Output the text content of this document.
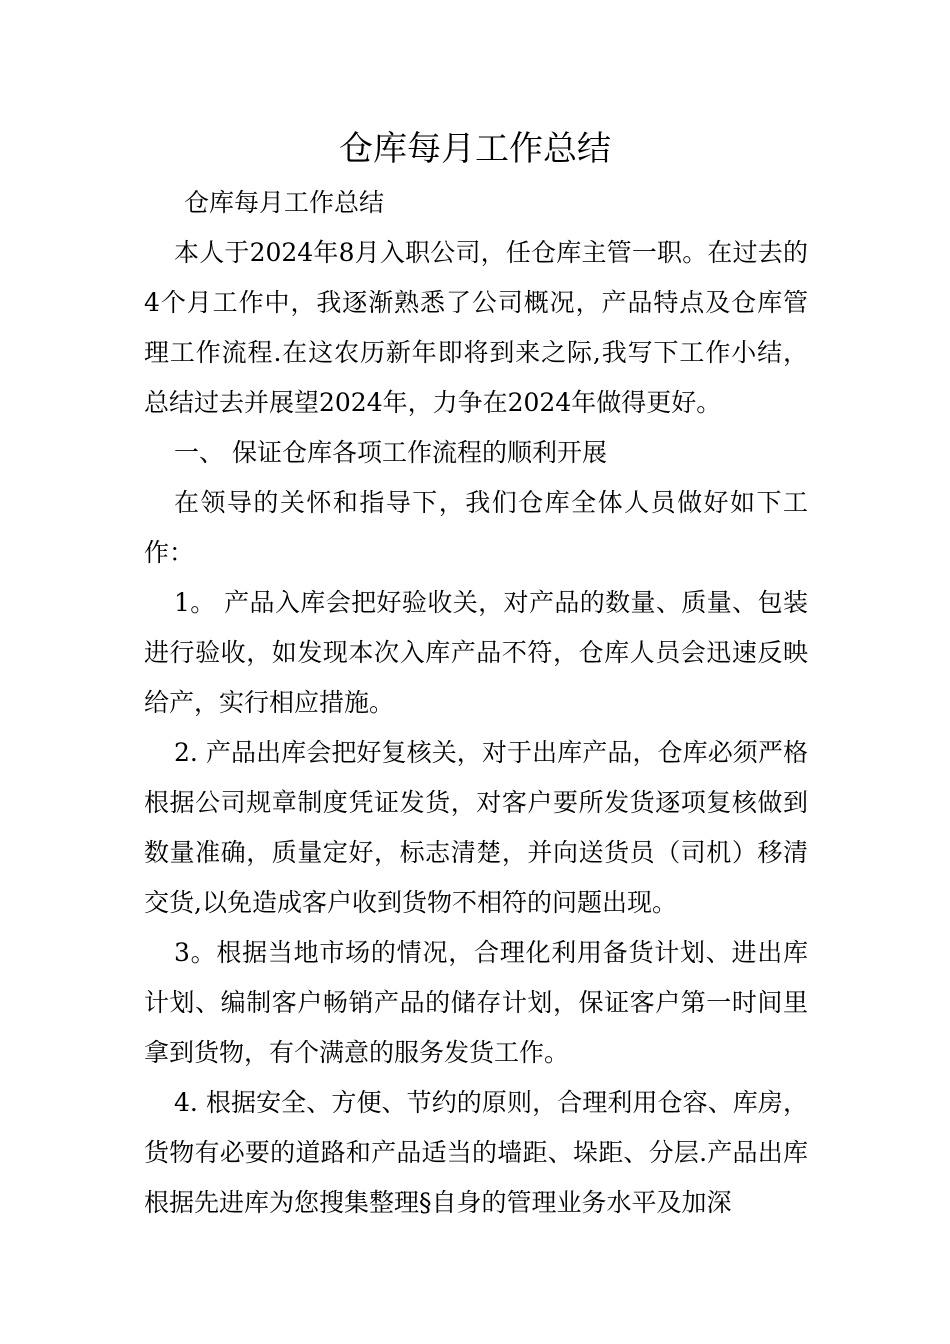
仓库每月工作总结

仓库每月工作总结

本人于2024年8月入职公司，任仓库主管一职。在过去的4个月工作中，我逐渐熟悉了公司概况，产品特点及仓库管理工作流程.在这农历新年即将到来之际,我写下工作小结，总结过去并展望2024年，力争在2024年做得更好。

一、 保证仓库各项工作流程的顺利开展

在领导的关怀和指导下，我们仓库全体人员做好如下工作：

1。 产品入库会把好验收关，对产品的数量、质量、包装进行验收，如发现本次入库产品不符，仓库人员会迅速反映给产，实行相应措施。

2. 产品出库会把好复核关，对于出库产品，仓库必须严格根据公司规章制度凭证发货，对客户要所发货逐项复核做到数量准确，质量定好，标志清楚，并向送货员（司机）移清交货,以免造成客户收到货物不相符的问题出现。

3。根据当地市场的情况，合理化利用备货计划、进出库计划、编制客户畅销产品的储存计划，保证客户第一时间里拿到货物，有个满意的服务发货工作。

4. 根据安全、方便、节约的原则，合理利用仓容、库房，货物有必要的道路和产品适当的墙距、垛距、分层.产品出库根据先进库为您搜集整理§自身的管理业务水平及加深
